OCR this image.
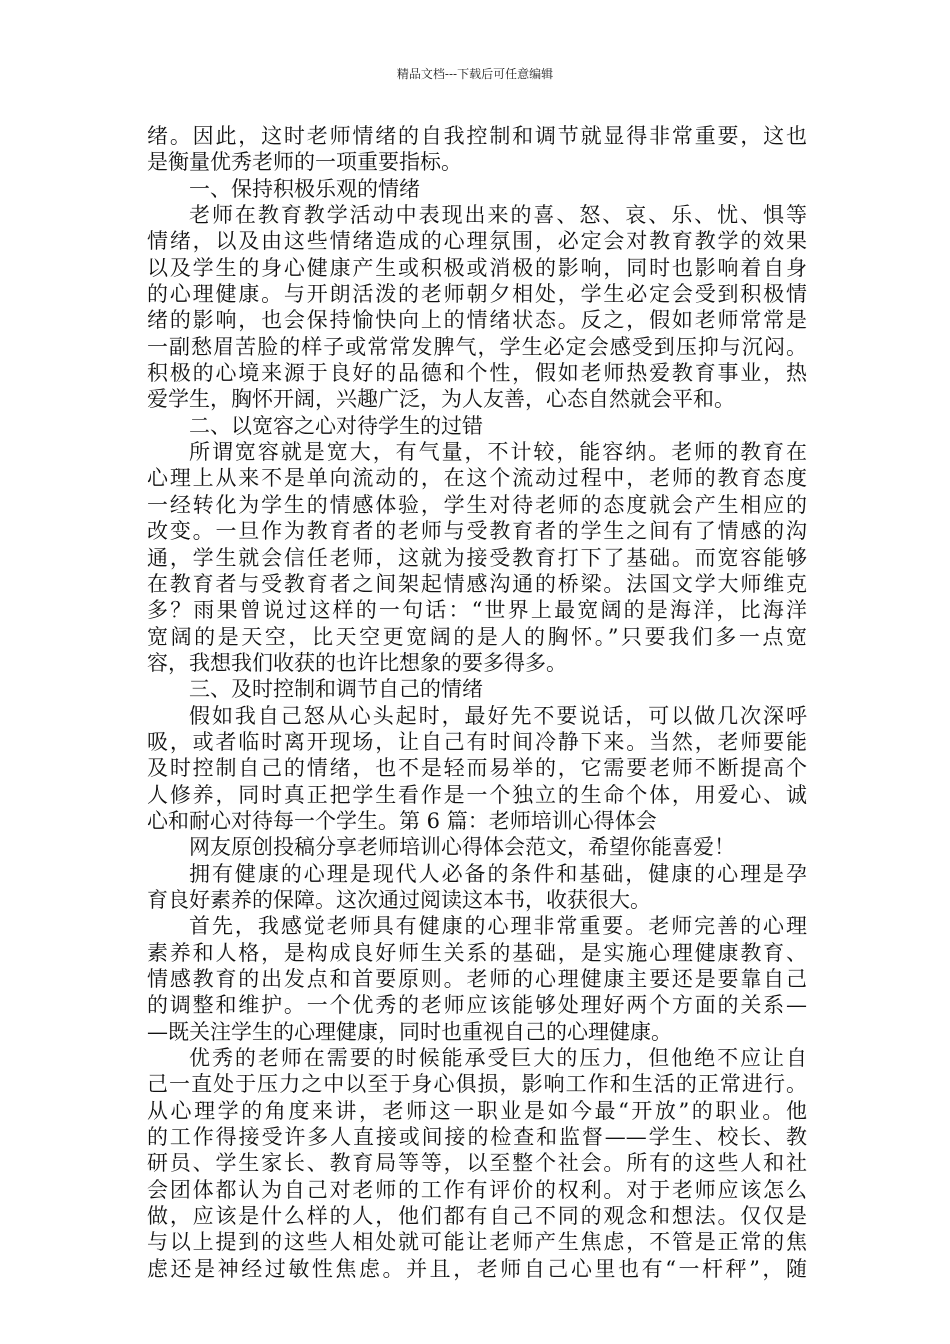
精品文档---下载后可任意编辑
绪。因此，这时老师情绪的自我控制和调节就显得非常重要，这也
是衡量优秀老师的一项重要指标。
一、保持积极乐观的情绪
老师在教育教学活动中表现出来的喜、怒、哀、乐、忧、惧等
情绪，以及由这些情绪造成的心理氛围，必定会对教育教学的效果
以及学生的身心健康产生或积极或消极的影响，同时也影响着自身
的心理健康。与开朗活泼的老师朝夕相处，学生必定会受到积极情
绪的影响，也会保持愉快向上的情绪状态。反之，假如老师常常是
一副愁眉苦脸的样子或常常发脾气，学生必定会感受到压抑与沉闷。
积极的心境来源于良好的品德和个性，假如老师热爱教育事业，热
爱学生，胸怀开阔，兴趣广泛，为人友善，心态自然就会平和。
二、以宽容之心对待学生的过错
所谓宽容就是宽大，有气量，不计较，能容纳。老师的教育在
心理上从来不是单向流动的，在这个流动过程中，老师的教育态度
一经转化为学生的情感体验，学生对待老师的态度就会产生相应的
改变。一旦作为教育者的老师与受教育者的学生之间有了情感的沟
通，学生就会信任老师，这就为接受教育打下了基础。而宽容能够
在教育者与受教育者之间架起情感沟通的桥梁。法国文学大师维克
多？雨果曾说过这样的一句话：“世界上最宽阔的是海洋，比海洋
宽阔的是天空，比天空更宽阔的是人的胸怀。”只要我们多一点宽
容，我想我们收获的也许比想象的要多得多。
三、及时控制和调节自己的情绪
假如我自己怒从心头起时，最好先不要说话，可以做几次深呼
吸，或者临时离开现场，让自己有时间冷静下来。当然，老师要能
及时控制自己的情绪，也不是轻而易举的，它需要老师不断提高个
人修养，同时真正把学生看作是一个独立的生命个体，用爱心、诚
心和耐心对待每一个学生。第 6 篇：老师培训心得体会
网友原创投稿分享老师培训心得体会范文，希望你能喜爱！
拥有健康的心理是现代人必备的条件和基础，健康的心理是孕
育良好素养的保障。这次通过阅读这本书，收获很大。
首先，我感觉老师具有健康的心理非常重要。老师完善的心理
素养和人格，是构成良好师生关系的基础，是实施心理健康教育、
情感教育的出发点和首要原则。老师的心理健康主要还是要靠自己
的调整和维护。一个优秀的老师应该能够处理好两个方面的关系—
—既关注学生的心理健康，同时也重视自己的心理健康。
优秀的老师在需要的时候能承受巨大的压力，但他绝不应让自
己一直处于压力之中以至于身心俱损，影响工作和生活的正常进行。
从心理学的角度来讲，老师这一职业是如今最“开放”的职业。他
的工作得接受许多人直接或间接的检查和监督——学生、校长、教
研员、学生家长、教育局等等，以至整个社会。所有的这些人和社
会团体都认为自己对老师的工作有评价的权利。对于老师应该怎么
做，应该是什么样的人，他们都有自己不同的观念和想法。仅仅是
与以上提到的这些人相处就可能让老师产生焦虑，不管是正常的焦
虑还是神经过敏性焦虑。并且，老师自己心里也有“一杆秤”，随
